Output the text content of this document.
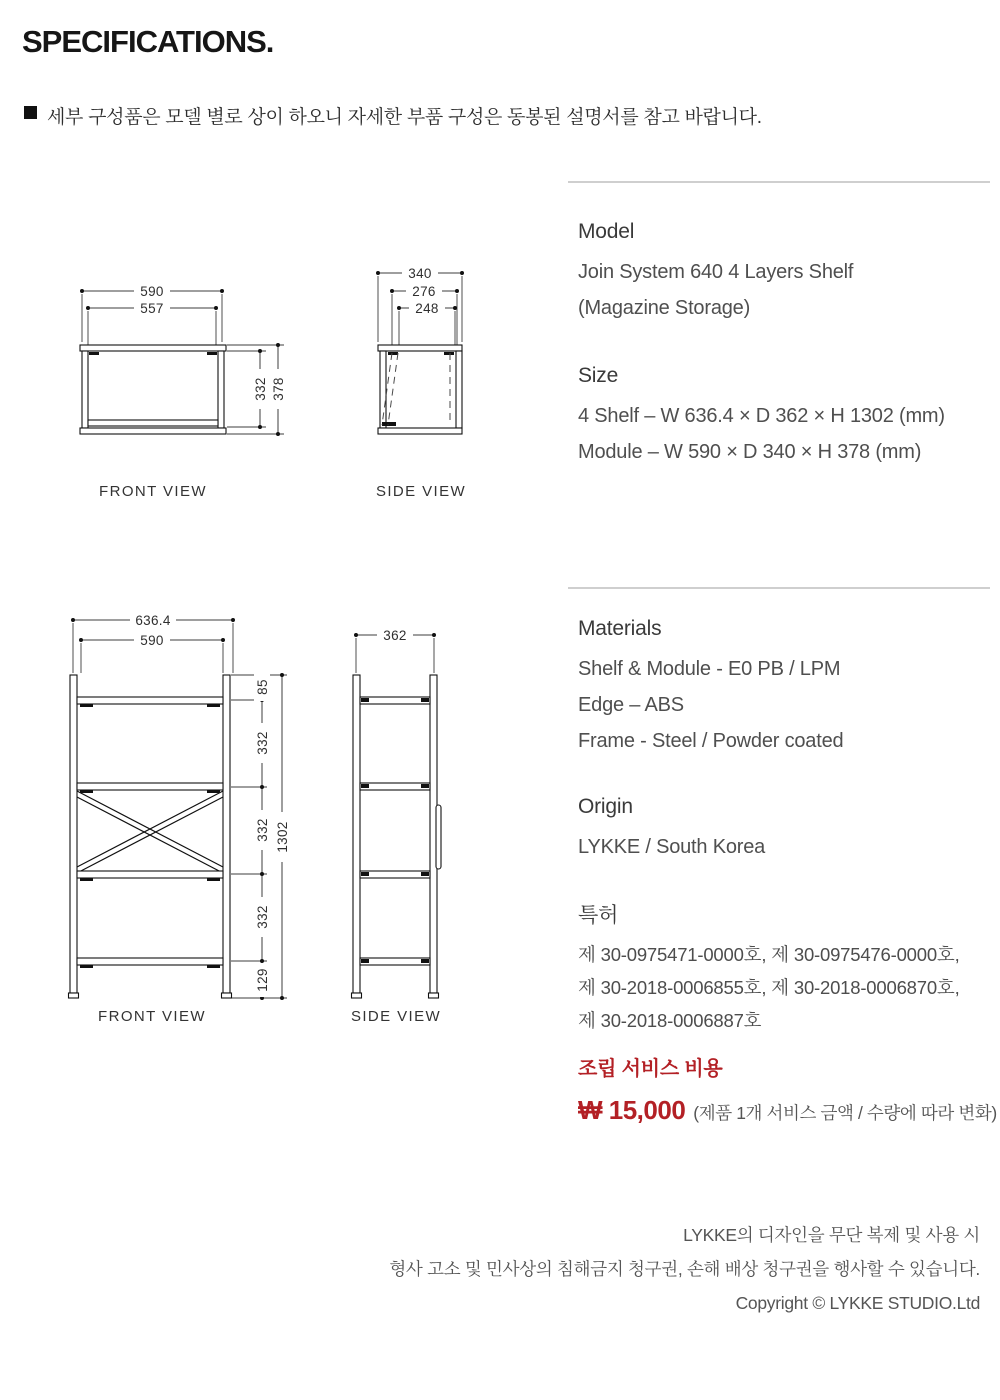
SPECIFICATIONS.
세부 구성품은 모델 별로 상이 하오니 자세한 부품 구성은 동봉된 설명서를 참고 바랍니다.
590
557
332 378
FRONT VIEW
340
276
248
SIDE VIEW
636.4
590
85
332
332
332
129
1302
FRONT VIEW
362
SIDE VIEW
Model

Join System 640 4 Layers Shelf

(Magazine Storage)

Size

4 Shelf – W 636.4 × D 362 × H 1302 (mm)

Module – W 590 × D 340 × H 378 (mm)

Materials

Shelf & Module - E0 PB / LPM

Edge – ABS

Frame - Steel / Powder coated

Origin

LYKKE / South Korea

특허

제 30-0975471-0000호, 제 30-0975476-0000호,

제 30-2018-0006855호, 제 30-2018-0006870호,

제 30-2018-0006887호

조립 서비스 비용
₩ 15,000 (제품 1개 서비스 금액 / 수량에 따라 변화)
LYKKE의 디자인을 무단 복제 및 사용 시
형사 고소 및 민사상의 침해금지 청구권, 손해 배상 청구권을 행사할 수 있습니다.
Copyright © LYKKE STUDIO.Ltd
